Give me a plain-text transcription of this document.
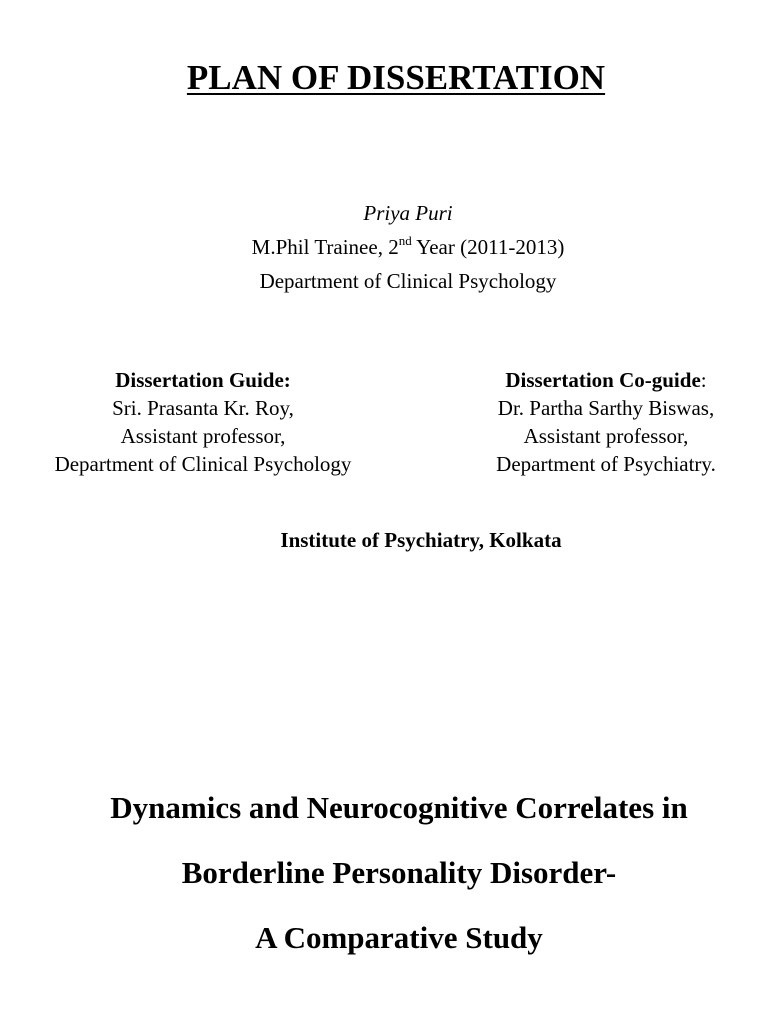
PLAN OF DISSERTATION
Priya Puri
M.Phil Trainee, 2nd Year (2011-2013)
Department of Clinical Psychology
Dissertation Guide:
Sri. Prasanta Kr. Roy,
Assistant professor,
Department of Clinical Psychology
Dissertation Co-guide:
Dr. Partha Sarthy Biswas,
Assistant professor,
Department of Psychiatry.
Institute of Psychiatry, Kolkata
Dynamics and Neurocognitive Correlates in
Borderline Personality Disorder-
A Comparative Study
